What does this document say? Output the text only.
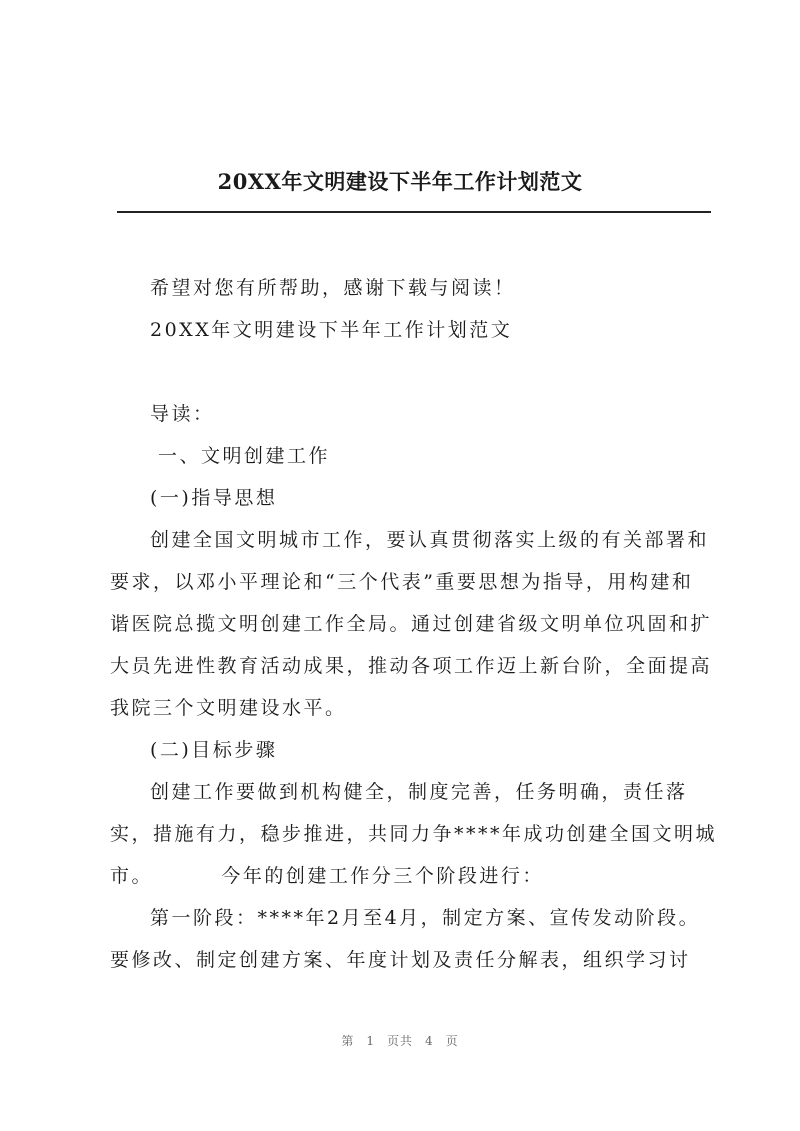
20XX年文明建设下半年工作计划范文
希望对您有所帮助，感谢下载与阅读！
20XX年文明建设下半年工作计划范文
导读：
一、文明创建工作
(一)指导思想
创建全国文明城市工作，要认真贯彻落实上级的有关部署和
要求，以邓小平理论和“三个代表”重要思想为指导，用构建和
谐医院总揽文明创建工作全局。通过创建省级文明单位巩固和扩
大员先进性教育活动成果，推动各项工作迈上新台阶，全面提高
我院三个文明建设水平。
(二)目标步骤
创建工作要做到机构健全，制度完善，任务明确，责任落
实，措施有力，稳步推进，共同力争****年成功创建全国文明城
市。        今年的创建工作分三个阶段进行：
第一阶段：****年2月至4月，制定方案、宣传发动阶段。
要修改、制定创建方案、年度计划及责任分解表，组织学习讨
第 1 页共 4 页
